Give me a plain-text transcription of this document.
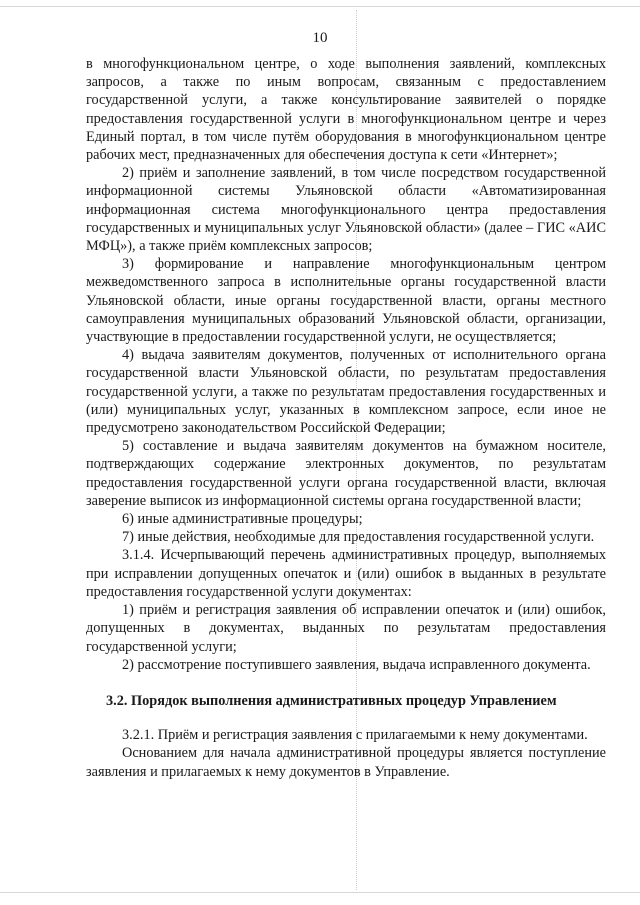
10

в многофункциональном центре, о ходе выполнения заявлений, комплексных запросов, а также по иным вопросам, связанным с предоставлением государственной услуги, а также консультирование заявителей о порядке предоставления государственной услуги в многофункциональном центре и через Единый портал, в том числе путём оборудования в многофункциональном центре рабочих мест, предназначенных для обеспечения доступа к сети «Интернет»;

2) приём и заполнение заявлений, в том числе посредством государственной информационной системы Ульяновской области «Автоматизированная информационная система многофункционального центра предоставления государственных и муниципальных услуг Ульяновской области» (далее – ГИС «АИС МФЦ»), а также приём комплексных запросов;

3) формирование и направление многофункциональным центром межведомственного запроса в исполнительные органы государственной власти Ульяновской области, иные органы государственной власти, органы местного самоуправления муниципальных образований Ульяновской области, организации, участвующие в предоставлении государственной услуги, не осуществляется;

4) выдача заявителям документов, полученных от исполнительного органа государственной власти Ульяновской области, по результатам предоставления государственной услуги, а также по результатам предоставления государственных и (или) муниципальных услуг, указанных в комплексном запросе, если иное не предусмотрено законодательством Российской Федерации;

5) составление и выдача заявителям документов на бумажном носителе, подтверждающих содержание электронных документов, по результатам предоставления государственной услуги органа государственной власти, включая заверение выписок из информационной системы органа государственной власти;

6) иные административные процедуры;

7) иные действия, необходимые для предоставления государственной услуги.

3.1.4. Исчерпывающий перечень административных процедур, выполняемых при исправлении допущенных опечаток и (или) ошибок в выданных в результате предоставления государственной услуги документах:

1) приём и регистрация заявления об исправлении опечаток и (или) ошибок, допущенных в документах, выданных по результатам предоставления государственной услуги;

2) рассмотрение поступившего заявления, выдача исправленного документа.

3.2. Порядок выполнения административных процедур Управлением

3.2.1. Приём и регистрация заявления с прилагаемыми к нему документами.

Основанием для начала административной процедуры является поступление заявления и прилагаемых к нему документов в Управление.
